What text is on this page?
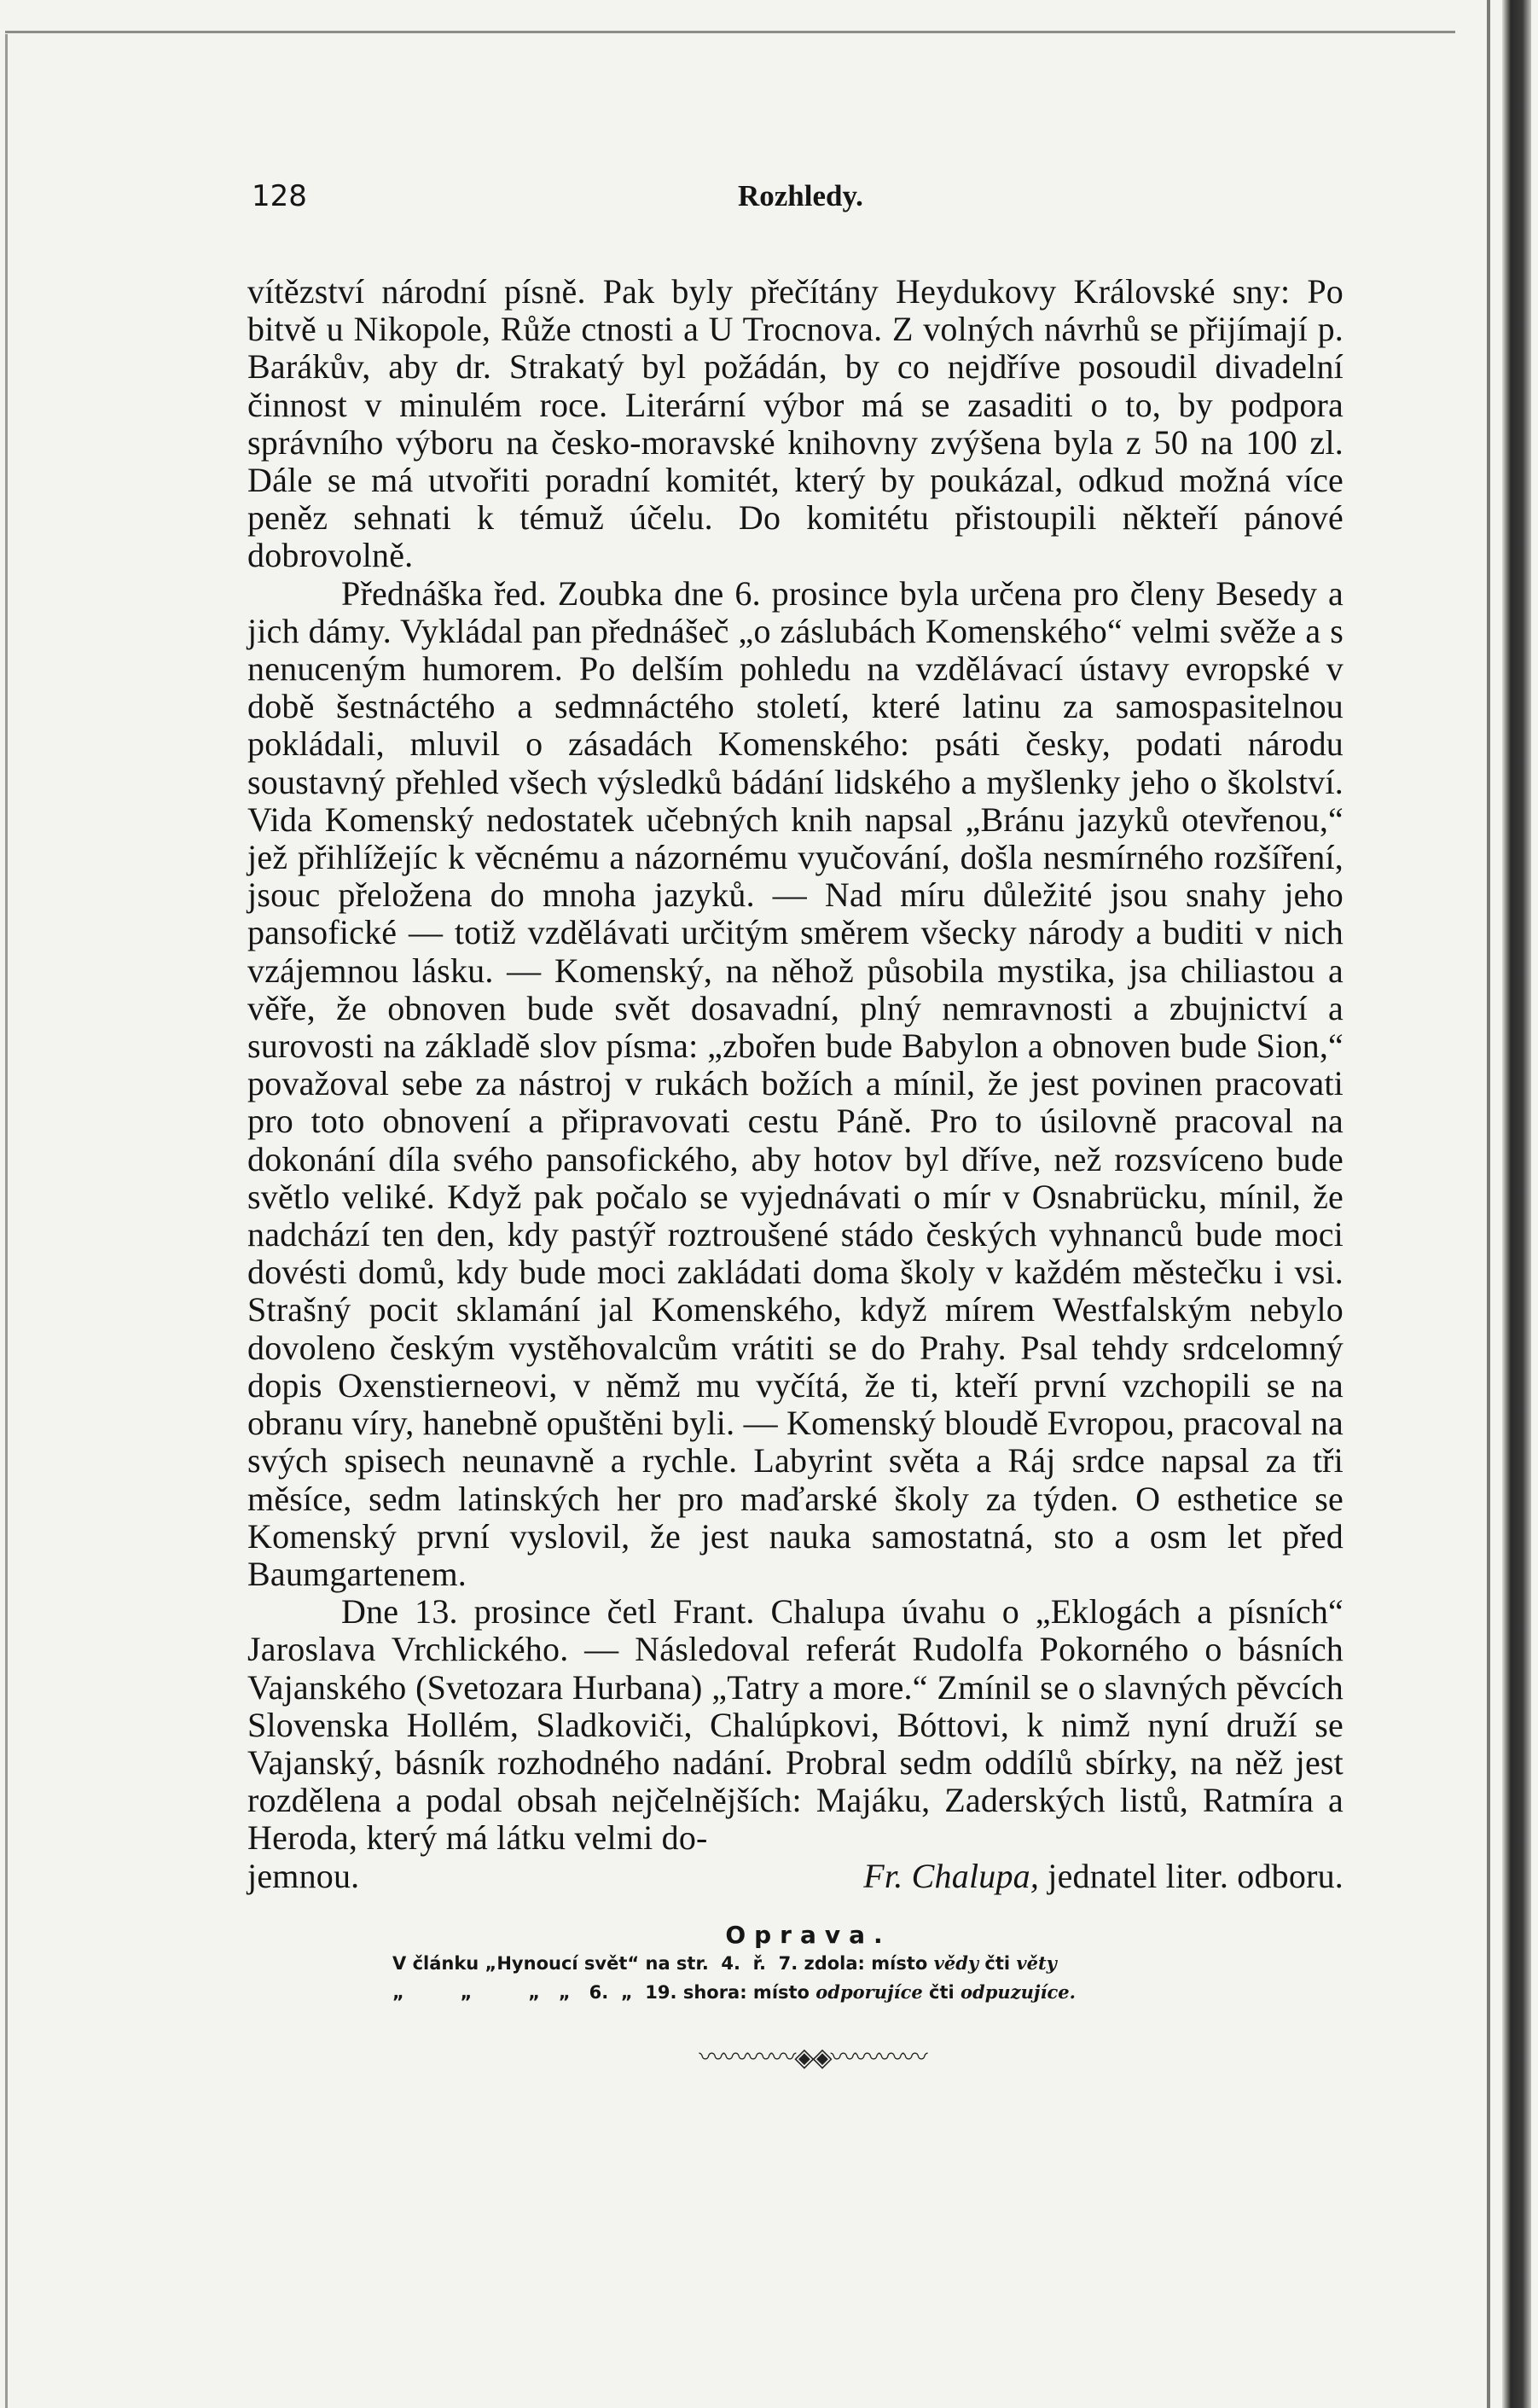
128	Rozhledy.

vítězství národní písně. Pak byly přečítány Heydukovy Královské sny: Po bitvě u Nikopole, Růže ctnosti a U Trocnova. Z volných návrhů se přijímají p. Barákův, aby dr. Strakatý byl požádán, by co nejdříve posoudil divadelní činnost v minulém roce. Literární výbor má se zasaditi o to, by podpora správního výboru na česko-moravské knihovny zvýšena byla z 50 na 100 zl. Dále se má utvořiti poradní komitét, který by poukázal, odkud možná více peněz sehnati k témuž účelu. Do komitétu přistoupili někteří pánové dobrovolně.

Přednáška řed. Zoubka dne 6. prosince byla určena pro členy Besedy a jich dámy. Vykládal pan přednášeč „o záslubách Komenského“ velmi svěže a s nenuceným humorem. Po delším pohledu na vzdělávací ústavy evropské v době šestnáctého a sedmnáctého století, které latinu za samospasitelnou pokládali, mluvil o zásadách Komenského: psáti česky, podati národu soustavný přehled všech výsledků bádání lidského a myšlenky jeho o školství. Vida Komenský nedostatek učebných knih napsal „Bránu jazyků otevřenou,“ jež přihlížejíc k věcnému a názornému vyučování, došla nesmírného rozšíření, jsouc přeložena do mnoha jazyků. — Nad míru důležité jsou snahy jeho pansofické — totiž vzdělávati určitým směrem všecky národy a buditi v nich vzájemnou lásku. — Komenský, na něhož působila mystika, jsa chiliastou a věře, že obnoven bude svět dosavadní, plný nemravnosti a zbujnictví a surovosti na základě slov písma: „zbořen bude Babylon a obnoven bude Sion,“ považoval sebe za nástroj v rukách božích a mínil, že jest povinen pracovati pro toto obnovení a připravovati cestu Páně. Pro to úsilovně pracoval na dokonání díla svého pansofického, aby hotov byl dříve, než rozsvíceno bude světlo veliké. Když pak počalo se vyjednávati o mír v Osnabrücku, mínil, že nadchází ten den, kdy pastýř roztroušené stádo českých vyhnanců bude moci dovésti domů, kdy bude moci zakládati doma školy v každém městečku i vsi. Strašný pocit sklamání jal Komenského, když mírem Westfalským nebylo dovoleno českým vystěhovalcům vrátiti se do Prahy. Psal tehdy srdcelomný dopis Oxenstierneovi, v němž mu vyčítá, že ti, kteří první vzchopili se na obranu víry, hanebně opuštěni byli. — Komenský bloudě Evropou, pracoval na svých spisech neunavně a rychle. Labyrint světa a Ráj srdce napsal za tři měsíce, sedm latinských her pro maďarské školy za týden. O esthetice se Komenský první vyslovil, že jest nauka samostatná, sto a osm let před Baumgartenem.

Dne 13. prosince četl Frant. Chalupa úvahu o „Eklogách a písních“ Jaroslava Vrchlického. — Následoval referát Rudolfa Pokorného o básních Vajanského (Svetozara Hurbana) „Tatry a more.“ Zmínil se o slavných pěvcích Slovenska Hollém, Sladkoviči, Chalúpkovi, Bóttovi, k nimž nyní druží se Vajanský, básník rozhodného nadání. Probral sedm oddílů sbírky, na něž jest rozdělena a podal obsah nejčelnějších: Majáku, Zaderských listů, Ratmíra a Heroda, který má látku velmi do-

jemnou.	Fr. Chalupa, jednatel liter. odboru.
Oprava.
V článku „Hynoucí svět“ na str.  4.  ř.  7. zdola: místo vědy čti věty
„         „         „   „   6.  „  19. shora: místo odporujíce čti odpuzujíce.
〰〰〰〰◈◈〰〰〰〰
